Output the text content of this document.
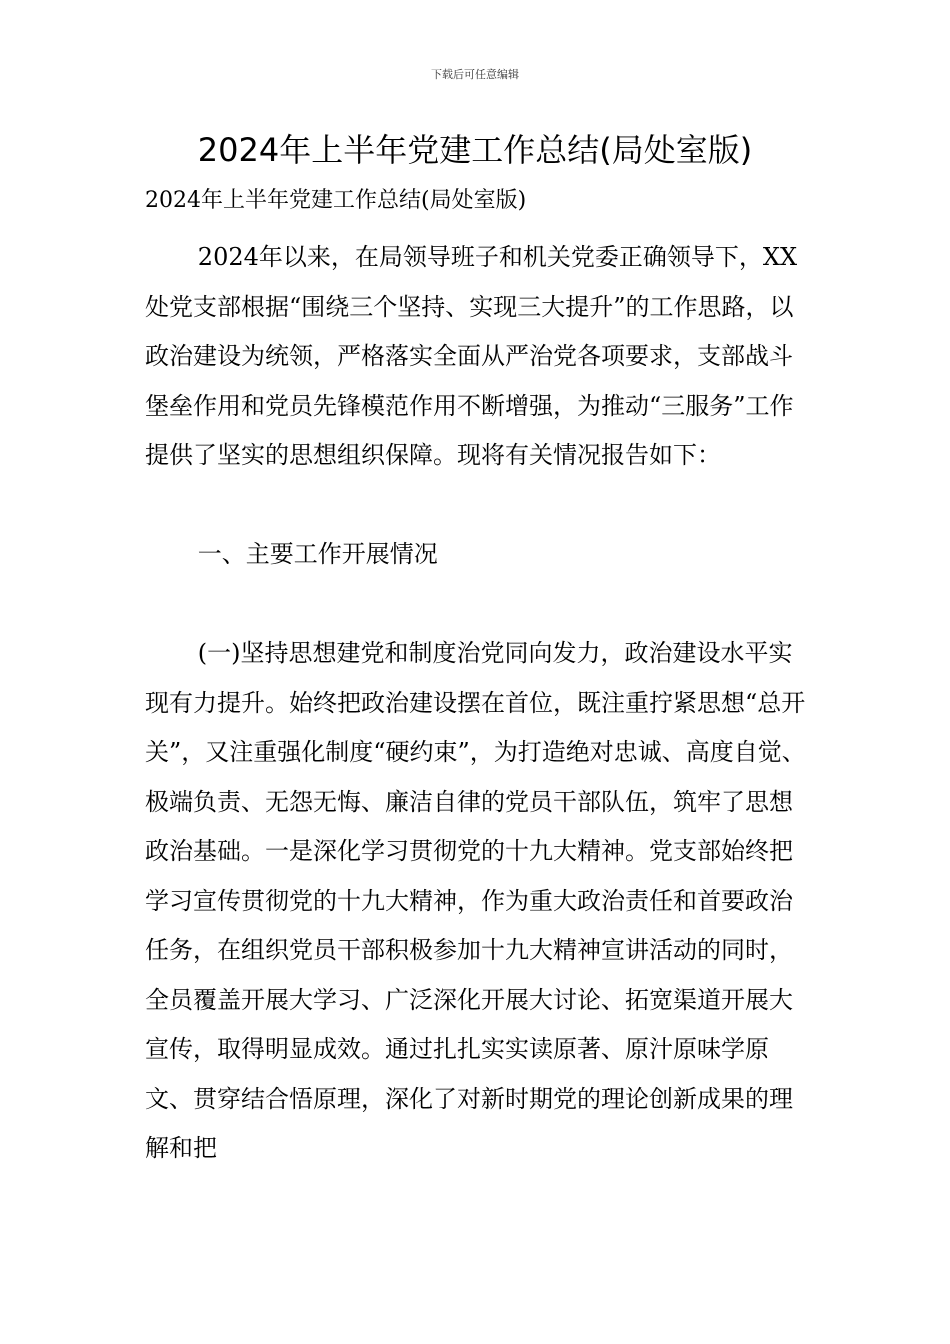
下载后可任意编辑
2024年上半年党建工作总结(局处室版)

2024年上半年党建工作总结(局处室版)

2024年以来，在局领导班子和机关党委正确领导下，XX处党支部根据“围绕三个坚持、实现三大提升”的工作思路，以政治建设为统领，严格落实全面从严治党各项要求，支部战斗堡垒作用和党员先锋模范作用不断增强，为推动“三服务”工作提供了坚实的思想组织保障。现将有关情况报告如下：

一、主要工作开展情况

(一)坚持思想建党和制度治党同向发力，政治建设水平实现有力提升。始终把政治建设摆在首位，既注重拧紧思想“总开关”，又注重强化制度“硬约束”，为打造绝对忠诚、高度自觉、极端负责、无怨无悔、廉洁自律的党员干部队伍，筑牢了思想政治基础。一是深化学习贯彻党的十九大精神。党支部始终把学习宣传贯彻党的十九大精神，作为重大政治责任和首要政治任务，在组织党员干部积极参加十九大精神宣讲活动的同时，全员覆盖开展大学习、广泛深化开展大讨论、拓宽渠道开展大宣传，取得明显成效。通过扎扎实实读原著、原汁原味学原文、贯穿结合悟原理，深化了对新时期党的理论创新成果的理解和把
